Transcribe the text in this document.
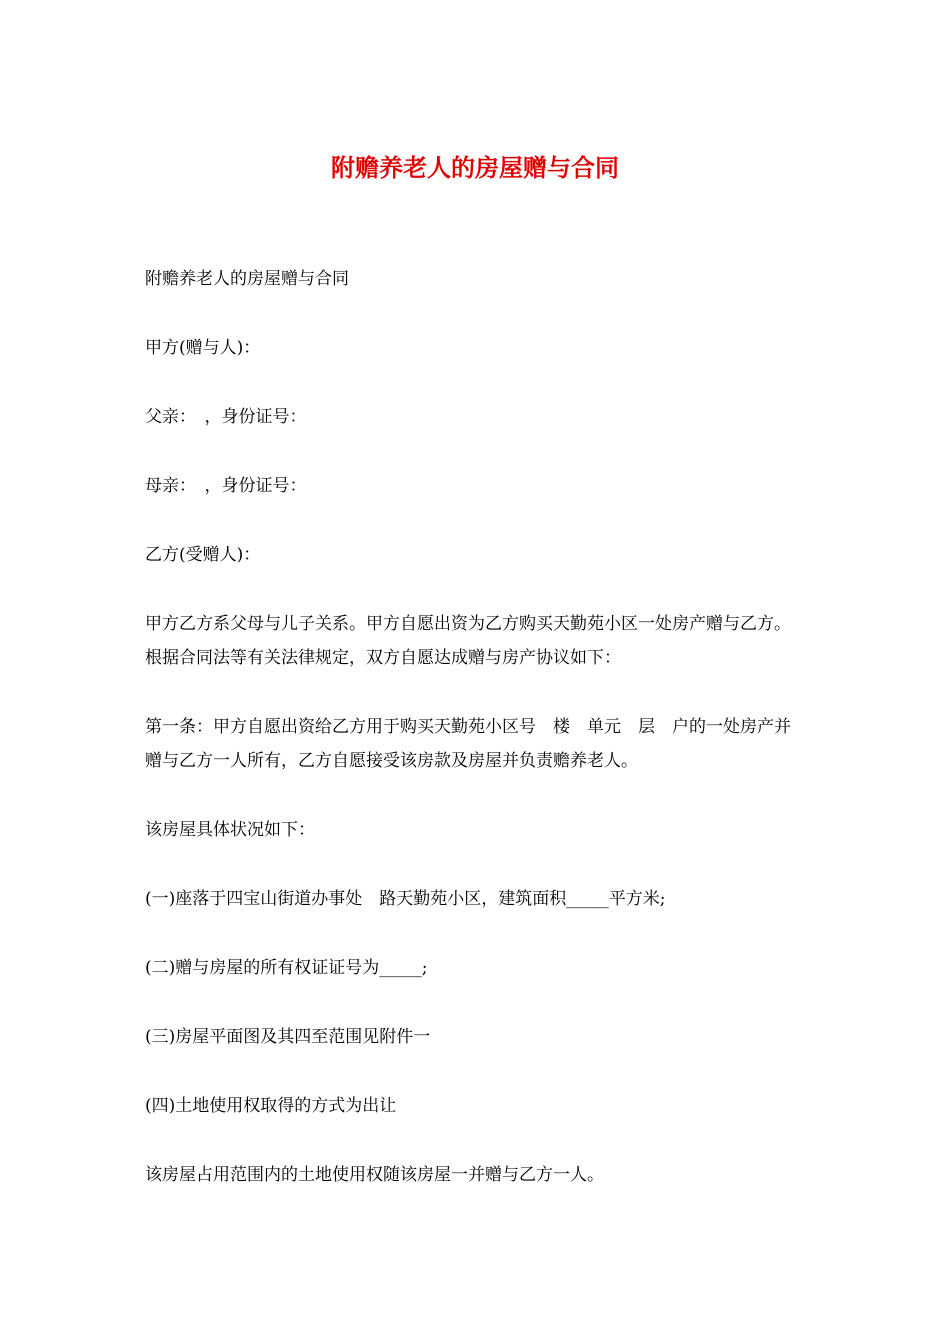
附赡养老人的房屋赠与合同

附赡养老人的房屋赠与合同

甲方(赠与人)：

父亲：　，身份证号：

母亲：　，身份证号：

乙方(受赠人)：

甲方乙方系父母与儿子关系。甲方自愿出资为乙方购买天勤苑小区一处房产赠与乙方。根据合同法等有关法律规定，双方自愿达成赠与房产协议如下：

第一条：甲方自愿出资给乙方用于购买天勤苑小区号　楼　单元　层　户的一处房产并赠与乙方一人所有，乙方自愿接受该房款及房屋并负责赡养老人。

该房屋具体状况如下：

(一)座落于四宝山街道办事处　路天勤苑小区，建筑面积_____平方米;

(二)赠与房屋的所有权证证号为_____;

(三)房屋平面图及其四至范围见附件一

(四)土地使用权取得的方式为出让

该房屋占用范围内的土地使用权随该房屋一并赠与乙方一人。
